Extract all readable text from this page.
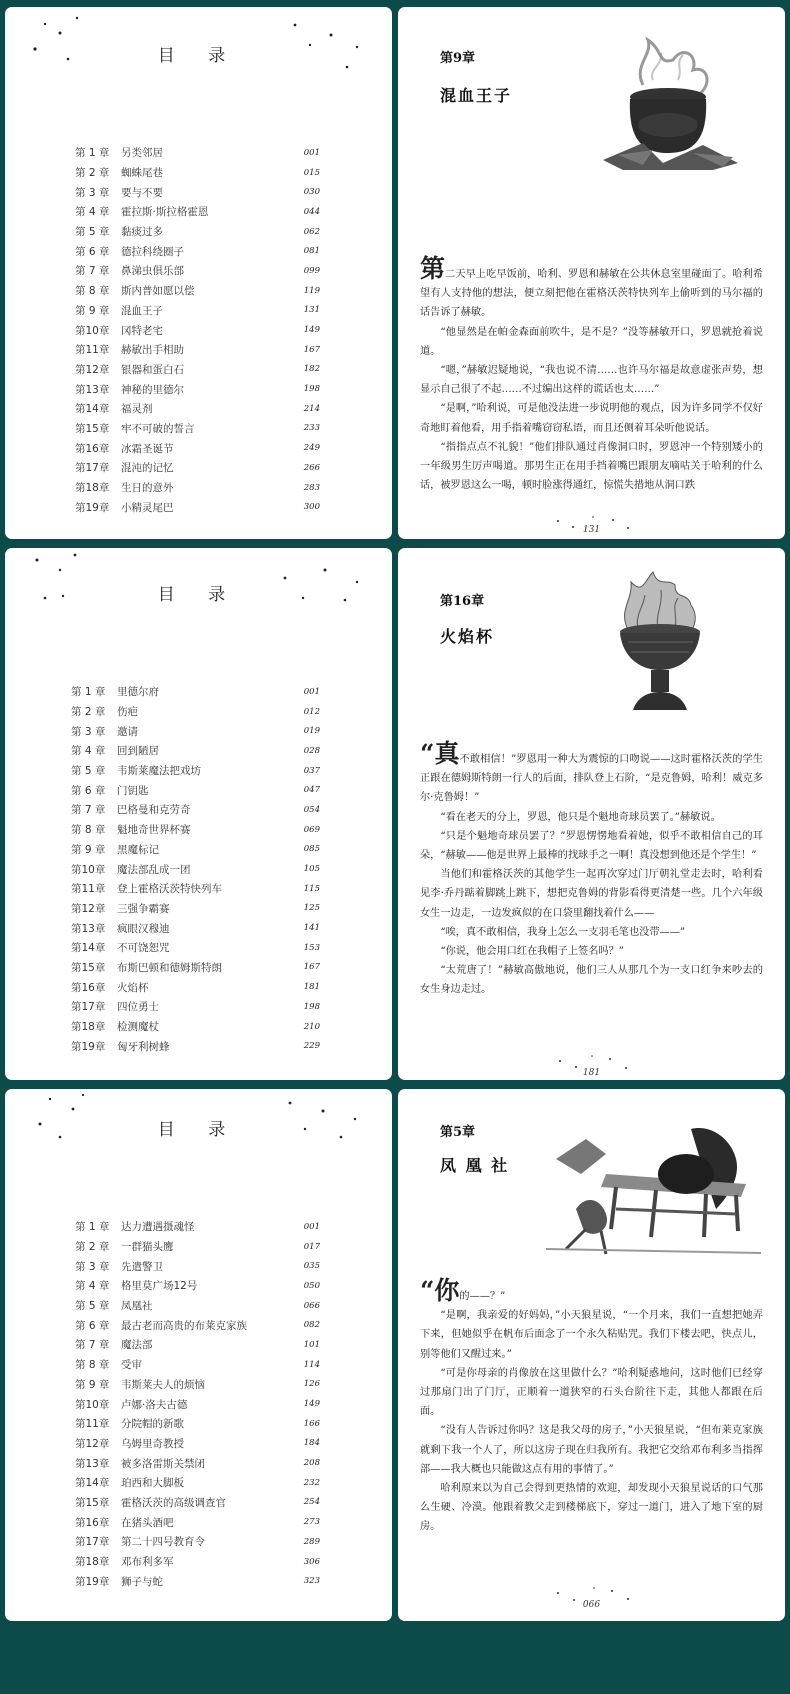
目 录
第 1 章	另类邻居	001
第 2 章	蜘蛛尾巷	015
第 3 章	要与不要	030
第 4 章	霍拉斯·斯拉格霍恩	044
第 5 章	黏痰过多	062
第 6 章	德拉科绕圈子	081
第 7 章	鼻涕虫俱乐部	099
第 8 章	斯内普如愿以偿	119
第 9 章	混血王子	131
第10章	冈特老宅	149
第11章	赫敏出手相助	167
第12章	银器和蛋白石	182
第13章	神秘的里德尔	198
第14章	福灵剂	214
第15章	牢不可破的誓言	233
第16章	冰霜圣诞节	249
第17章	混沌的记忆	266
第18章	生日的意外	283
第19章	小精灵尾巴	300
第9章
混血王子

第二天早上吃早饭前，哈利、罗恩和赫敏在公共休息室里碰面了。哈利希望有人支持他的想法，便立刻把他在霍格沃茨特快列车上偷听到的马尔福的话告诉了赫敏。

“他显然是在帕金森面前吹牛，是不是？”没等赫敏开口，罗恩就抢着说道。

“嗯，”赫敏迟疑地说，“我也说不清……也许马尔福是故意虚张声势，想显示自己很了不起……不过编出这样的谎话也太……”

“是啊，”哈利说，可是他没法进一步说明他的观点，因为许多同学不仅好奇地盯着他看，用手指着嘴窃窃私语，而且还侧着耳朵听他说话。

“指指点点不礼貌！”他们排队通过肖像洞口时，罗恩冲一个特别矮小的一年级男生厉声喝道。那男生正在用手挡着嘴巴跟朋友嘀咕关于哈利的什么话，被罗恩这么一喝，顿时脸涨得通红，惊慌失措地从洞口跌

131
目 录
第 1 章	里德尔府	001
第 2 章	伤疤	012
第 3 章	邀请	019
第 4 章	回到陋居	028
第 5 章	韦斯莱魔法把戏坊	037
第 6 章	门钥匙	047
第 7 章	巴格曼和克劳奇	054
第 8 章	魁地奇世界杯赛	069
第 9 章	黑魔标记	085
第10章	魔法部乱成一团	105
第11章	登上霍格沃茨特快列车	115
第12章	三强争霸赛	125
第13章	疯眼汉穆迪	141
第14章	不可饶恕咒	153
第15章	布斯巴顿和德姆斯特朗	167
第16章	火焰杯	181
第17章	四位勇士	198
第18章	检测魔杖	210
第19章	匈牙利树蜂	229
第16章
火焰杯

“真不敢相信！”罗恩用一种大为震惊的口吻说——这时霍格沃茨的学生正跟在德姆斯特朗一行人的后面，排队登上石阶，“是克鲁姆，哈利！威克多尔·克鲁姆！”

“看在老天的分上，罗恩，他只是个魁地奇球员罢了。”赫敏说。

“只是个魁地奇球员罢了？”罗恩愣愣地看着她，似乎不敢相信自己的耳朵，“赫敏——他是世界上最棒的找球手之一啊！真没想到他还是个学生！”

当他们和霍格沃茨的其他学生一起再次穿过门厅朝礼堂走去时，哈利看见李·乔丹踮着脚跳上跳下，想把克鲁姆的背影看得更清楚一些。几个六年级女生一边走，一边发疯似的在口袋里翻找着什么——

“唉，真不敢相信，我身上怎么一支羽毛笔也没带——”

“你说，他会用口红在我帽子上签名吗？”

“太荒唐了！”赫敏高傲地说，他们三人从那几个为一支口红争来吵去的女生身边走过。

181
目 录
第 1 章	达力遭遇摄魂怪	001
第 2 章	一群猫头鹰	017
第 3 章	先遣警卫	035
第 4 章	格里莫广场12号	050
第 5 章	凤凰社	066
第 6 章	最古老而高贵的布莱克家族	082
第 7 章	魔法部	101
第 8 章	受审	114
第 9 章	韦斯莱夫人的烦恼	126
第10章	卢娜·洛夫古德	149
第11章	分院帽的新歌	166
第12章	乌姆里奇教授	184
第13章	被多洛雷斯关禁闭	208
第14章	珀西和大脚板	232
第15章	霍格沃茨的高级调查官	254
第16章	在猪头酒吧	273
第17章	第二十四号教育令	289
第18章	邓布利多军	306
第19章	狮子与蛇	323
第5章
凤 凰 社

“你的——？”

“是啊，我亲爱的好妈妈，”小天狼星说，“一个月来，我们一直想把她弄下来，但她似乎在帆布后面念了一个永久粘贴咒。我们下楼去吧，快点儿，别等他们又醒过来。”

“可是你母亲的肖像放在这里做什么？”哈利疑惑地问，这时他们已经穿过那扇门出了门厅，正顺着一道狭窄的石头台阶往下走，其他人都跟在后面。

“没有人告诉过你吗？这是我父母的房子，”小天狼星说，“但布莱克家族就剩下我一个人了，所以这房子现在归我所有。我把它交给邓布利多当指挥部——我大概也只能做这点有用的事情了。”

哈利原来以为自己会得到更热情的欢迎，却发现小天狼星说话的口气那么生硬、冷漠。他跟着教父走到楼梯底下，穿过一道门，进入了地下室的厨房。

066
